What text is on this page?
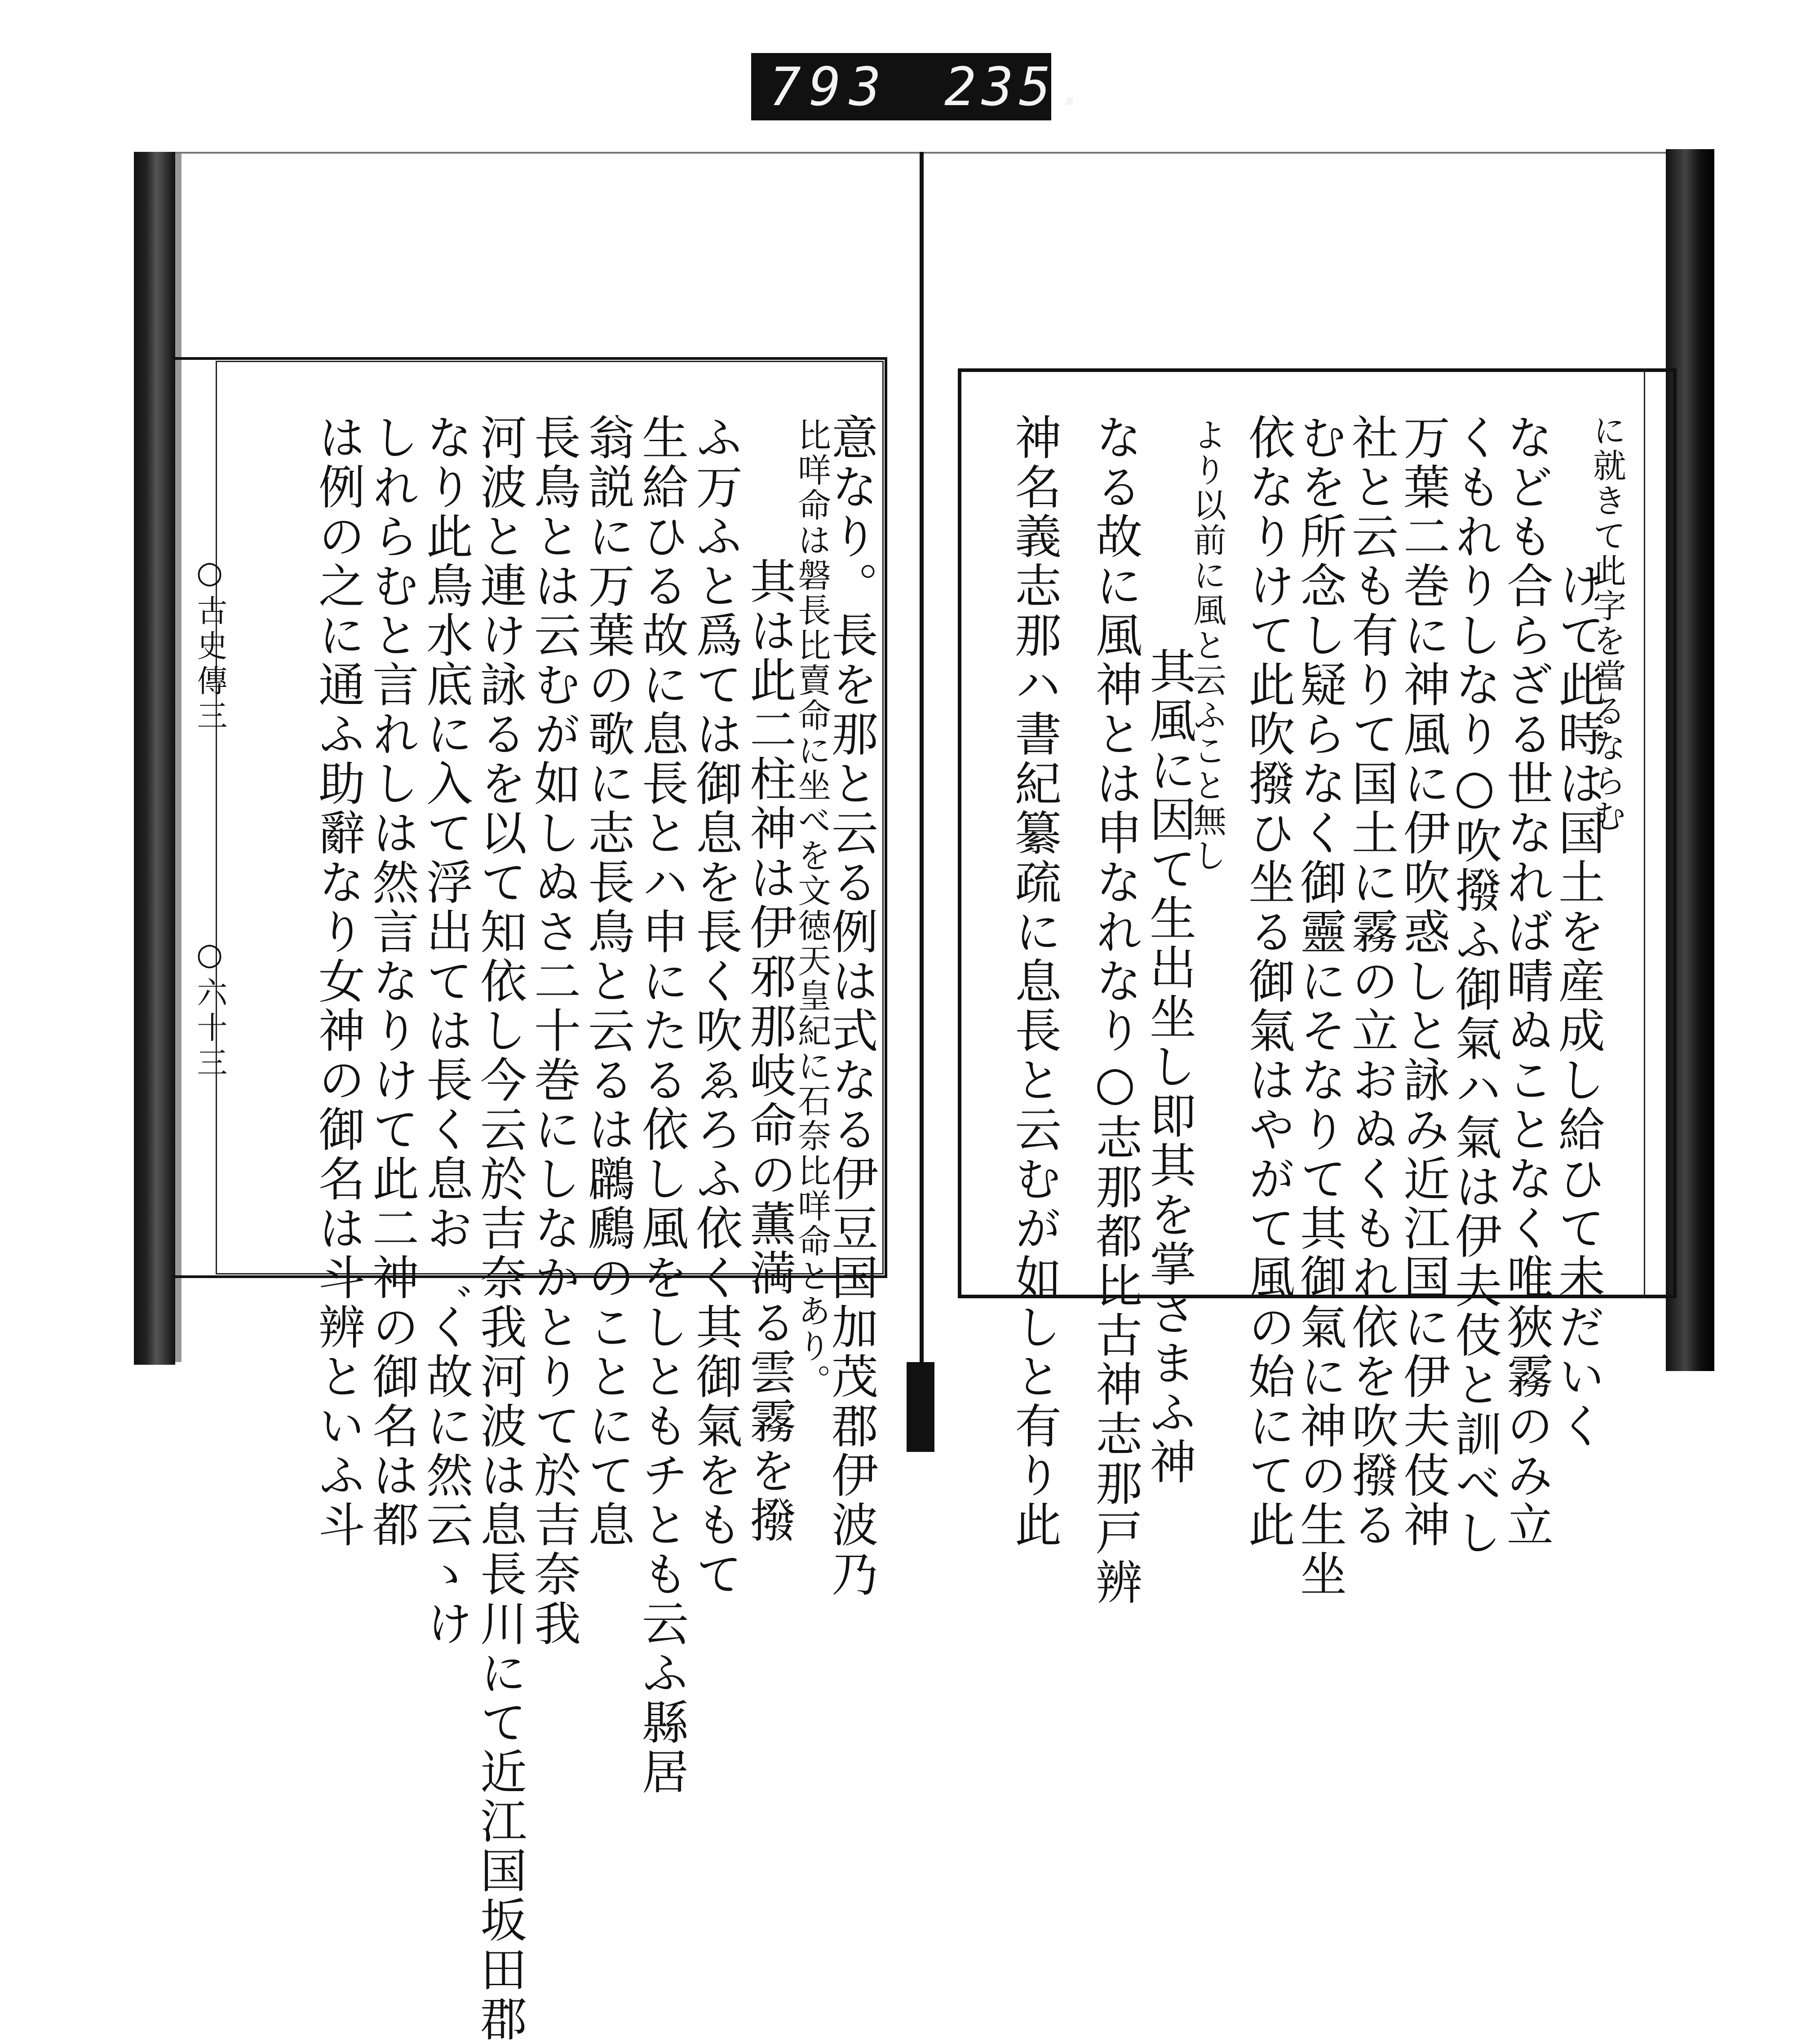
793 235.
○古史傳三
○六十三	意なり。長を那と云る例は式なる伊豆国加茂郡伊波乃
比咩命は磐長比賣命に坐べを文徳天皇紀に石奈比咩命とあり。
其は此二柱神は伊邪那岐命の薫満る雲霧を撥
ふ万ふと爲ては御息を長く吹ゑろふ依く其御氣をもて
生給ひる故に息長とハ申にたる依し風をしともチとも云ふ縣居
翁説に万葉の歌に志長鳥と云るは鸊鷉のことにて息
長鳥とは云むが如しぬさ二十巻にしなかとりて於吉奈我
河波と連け詠るを以て知依し今云於吉奈我河波は息長川にて近江国坂田郡
なり此鳥水底に入て浮出ては長く息お゛く故に然云ゝけ
しれらむと言れしは然言なりけて此二神の御名は都
は例の之に通ふ助辭なり女神の御名は斗辨といふ斗	に就きて此字を當るならむ
けて此時は国土を産成し給ひて未だいく
なども合らざる世なれば晴ぬことなく唯狹霧のみ立
くもれりしなり○吹撥ふ御氣ハ氣は伊夫伎と訓べし
万葉二巻に神風に伊吹惑しと詠み近江国に伊夫伎神
社と云も有りて国土に霧の立おぬくもれ依を吹撥る
むを所念し疑らなく御靈にそなりて其御氣に神の生坐
依なりけて此吹撥ひ坐る御氣はやがて風の始にて此
より以前に風と云ふこと無し
其風に因て生出坐し即其を掌さまふ神
なる故に風神とは申なれなり○志那都比古神志那戸辨
神名義志那ハ書紀纂疏に息長と云むが如しと有り此
